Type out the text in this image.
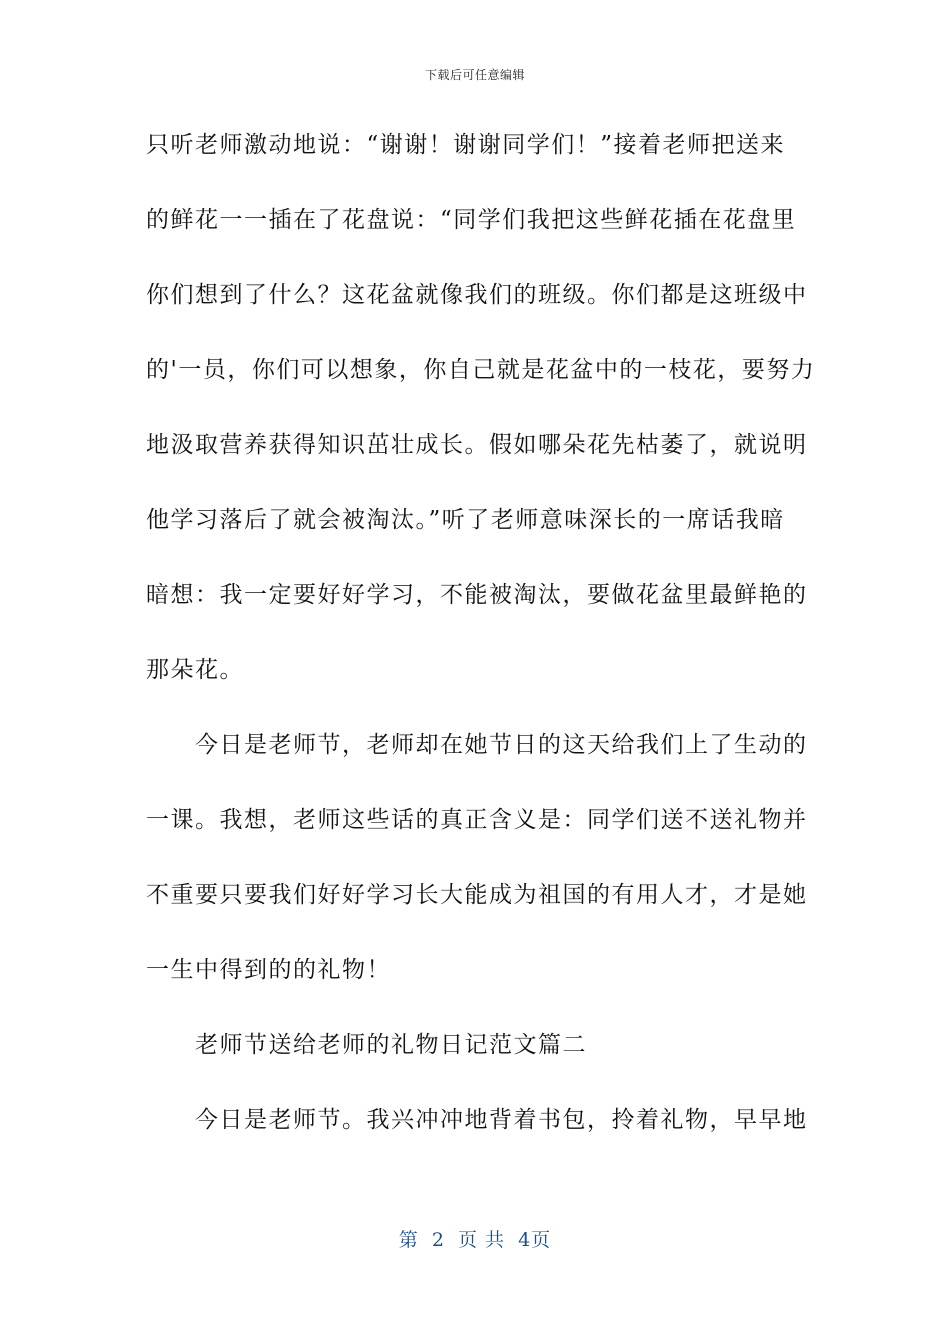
下载后可任意编辑
只听老师激动地说：“谢谢！谢谢同学们！”接着老师把送来
的鲜花一一插在了花盘说：“同学们我把这些鲜花插在花盘里
你们想到了什么？这花盆就像我们的班级。你们都是这班级中
的'一员，你们可以想象，你自己就是花盆中的一枝花，要努力
地汲取营养获得知识茁壮成长。假如哪朵花先枯萎了，就说明
他学习落后了就会被淘汰。”听了老师意味深长的一席话我暗
暗想：我一定要好好学习，不能被淘汰，要做花盆里最鲜艳的
那朵花。
　　今日是老师节，老师却在她节日的这天给我们上了生动的
一课。我想，老师这些话的真正含义是：同学们送不送礼物并
不重要只要我们好好学习长大能成为祖国的有用人才，才是她
一生中得到的的礼物！
　　老师节送给老师的礼物日记范文篇二
　　今日是老师节。我兴冲冲地背着书包，拎着礼物，早早地
第 2 页 共 4页
